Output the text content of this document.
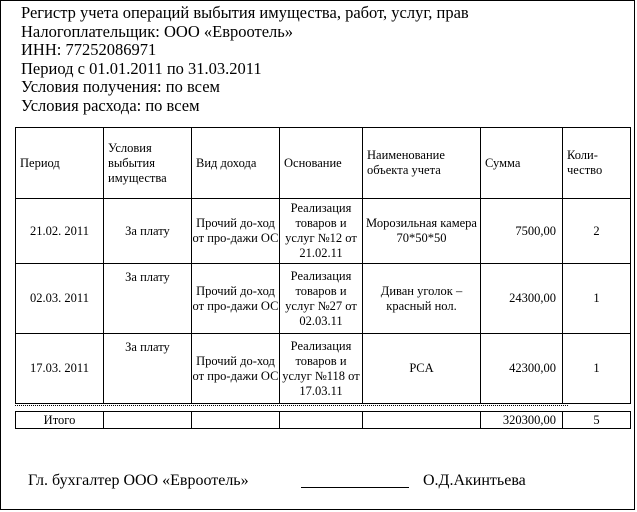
Регистр учета операций выбытия имущества, работ, услуг, прав
Налогоплательщик: ООО «Евроотель»
ИНН: 77252086971
Период с 01.01.2011 по 31.03.2011
Условия получения: по всем
Условия расхода: по всем
Период	Условия выбытия имущества	Вид дохода	Основание	Наименование объекта учета	Сумма	Коли-чество
21.02. 2011	За плату	Прочий до-ход от про-дажи ОС	Реализация товаров и услуг №12 от 21.02.11	Морозильная камера 70*50*50	7500,00	2
02.03. 2011	За плату	Прочий до-ход от про-дажи ОС	Реализация товаров и услуг №27 от 02.03.11	Диван уголок – красный нол.	24300,00	1
17.03. 2011	За плату	Прочий до-ход от про-дажи ОС	Реализация товаров и услуг №118 от 17.03.11	PCA	42300,00	1
Итого					320300,00	5
Гл. бухгалтер ООО «Евроотель»	О.Д.Акинтьева
